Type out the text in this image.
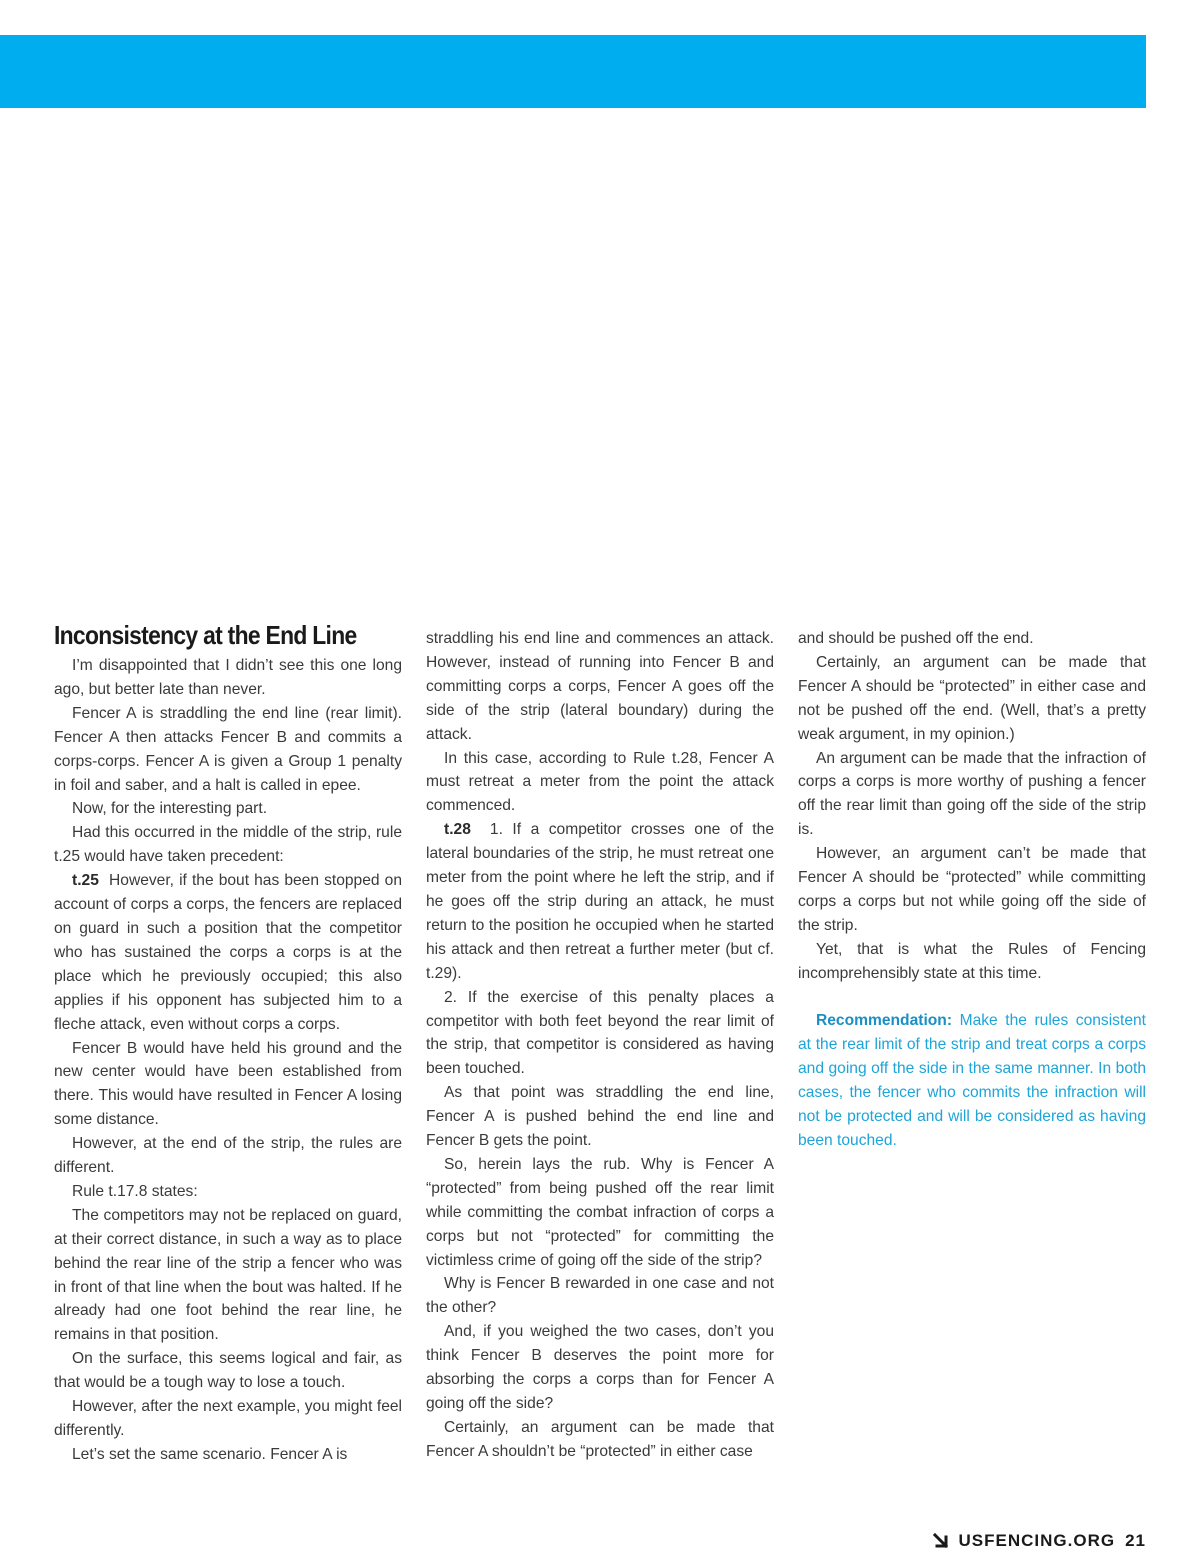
Inconsistency at the End Line

I’m disappointed that I didn’t see this one long ago, but better late than never.

Fencer A is straddling the end line (rear limit). Fencer A then attacks Fencer B and commits a corps-corps. Fencer A is given a Group 1 penalty in foil and saber, and a halt is called in epee.

Now, for the interesting part.

Had this occurred in the middle of the strip, rule t.25 would have taken precedent:

t.25 However, if the bout has been stopped on account of corps a corps, the fencers are replaced on guard in such a position that the competitor who has sustained the corps a corps is at the place which he previously occupied; this also applies if his opponent has subjected him to a fleche attack, even without corps a corps.

Fencer B would have held his ground and the new center would have been established from there. This would have resulted in Fencer A losing some distance.

However, at the end of the strip, the rules are different.

Rule t.17.8 states:

The competitors may not be replaced on guard, at their correct distance, in such a way as to place behind the rear line of the strip a fencer who was in front of that line when the bout was halted. If he already had one foot behind the rear line, he remains in that position.

On the surface, this seems logical and fair, as that would be a tough way to lose a touch.

However, after the next example, you might feel differently.

Let’s set the same scenario. Fencer A is

straddling his end line and commences an attack. However, instead of running into Fencer B and committing corps a corps, Fencer A goes off the side of the strip (lateral boundary) during the attack.

In this case, according to Rule t.28, Fencer A must retreat a meter from the point the attack commenced.

t.28 1. If a competitor crosses one of the lateral boundaries of the strip, he must retreat one meter from the point where he left the strip, and if he goes off the strip during an attack, he must return to the position he occupied when he started his attack and then retreat a further meter (but cf. t.29).

2. If the exercise of this penalty places a competitor with both feet beyond the rear limit of the strip, that competitor is considered as having been touched.

As that point was straddling the end line, Fencer A is pushed behind the end line and Fencer B gets the point.

So, herein lays the rub. Why is Fencer A “protected” from being pushed off the rear limit while committing the combat infraction of corps a corps but not “protected” for committing the victimless crime of going off the side of the strip?

Why is Fencer B rewarded in one case and not the other?

And, if you weighed the two cases, don’t you think Fencer B deserves the point more for absorbing the corps a corps than for Fencer A going off the side?

Certainly, an argument can be made that Fencer A shouldn’t be “protected” in either case

and should be pushed off the end.

Certainly, an argument can be made that Fencer A should be “protected” in either case and not be pushed off the end. (Well, that’s a pretty weak argument, in my opinion.)

An argument can be made that the infraction of corps a corps is more worthy of pushing a fencer off the rear limit than going off the side of the strip is.

However, an argument can’t be made that Fencer A should be “protected” while committing corps a corps but not while going off the side of the strip.

Yet, that is what the Rules of Fencing incomprehensibly state at this time.

Recommendation: Make the rules consistent at the rear limit of the strip and treat corps a corps and going off the side in the same manner. In both cases, the fencer who commits the infraction will not be protected and will be considered as having been touched.

USFENCING.ORG 21
